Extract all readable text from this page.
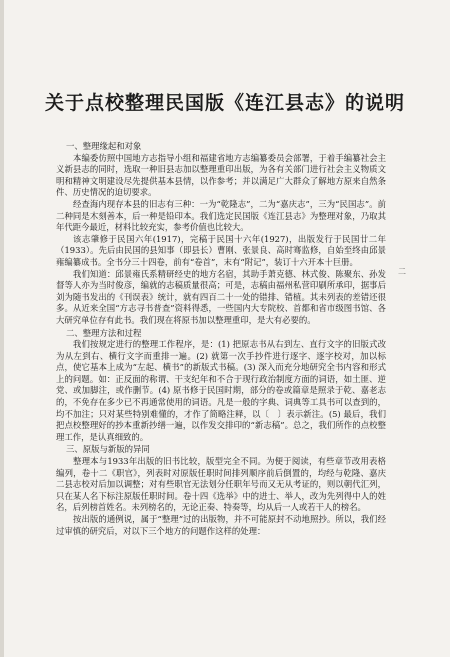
关于点校整理民国版《连江县志》的说明
二
一、整理缘起和对象
本编委仿照中国地方志指导小组和福建省地方志编纂委员会部署，于着手编纂社会主义新县志的同时，选取一种旧县志加以整理重印出版，为各有关部门进行社会主义物质文明和精神文明建设尽先提供基本县情，以作参考；并以满足广大群众了解地方原来自然条件、历史情况的迫切要求。
经查海内现存本县的旧志有三种：一为“乾隆志”，二为“嘉庆志”，三为“民国志”。前二种同是木刻善本，后一种是铅印本。我们选定民国版《连江县志》为整理对象，乃取其年代距今最近，材料比较充实，参考价值也比较大。
该志肇修于民国六年(1917)，完稿于民国十六年(1927)，出版发行于民国廿二年（1933）。先后由民国的县知事（即县长）曹刚、张景良、高时骞监修，自始至终由邱景雍编纂成书。全书分三十四卷，前有“卷首”，末有“附记”，装订十六开本十巨册。
我们知道：邱景雍氏系精研经史的地方名宿，其助手萧克德、林式俊、陈聚东、孙发督等人亦为当时俊彦，编就的志稿质量很高；可是，志稿由福州私营印刷所承印，据事后刘为随书发出的《刊误表》统计，就有四百二十一处的错排、错植。其未列表的差错还很多。从近来全国“方志寻书普查”资料得悉，一些国内大专院校、首都和省市级图书馆、各大研究单位存有此书。我们现在将原书加以整理重印，是大有必要的。
二、整理方法和过程
我们按规定进行的整理工作程序，是：(1) 把原志书从右到左、直行文字的旧版式改为从左到右、横行文字而重排一遍。(2) 就第一次手抄件进行逐字、逐字校对，加以标点，使它基本上成为“左起、横书”的新版式书稿。(3) 深入而充分地研究全书内容和形式上的问题。如：正反面的称谓、干支纪年和不合于现行政治制度方面的词语，如土匪、逆党、或加脚注，或作删节。(4) 原书修于民国时期，部分的卷或篇章是照录于乾、嘉老志的，不免存在多少已不再通常使用的词语。凡是一般的字典、词典等工具书可以查到的，均不加注；只对某些特别难懂的，才作了简略注释，以〔　〕表示新注。(5) 最后，我们把点校整理好的抄本重新抄缮一遍，以作发交排印的“新志稿”。总之，我们所作的点校整理工作，是认真细致的。
三、原版与新版的异同
整理本与1933年出版的旧书比较，版型完全不同。为便于阅读，有些章节改用表格编列，卷十二《职官》，列表时对原版任职时间排列顺序前后倒置的，均经与乾隆、嘉庆二县志校对后加以调整；对有些职官无法划分任职年号而又无从考证的，则以朝代汇列，只在某人名下标注原版任职时间。卷十四《选举》中的进士、举人，改为先列得中人的姓名，后列榜首姓名。未列榜名的，无论正奏、特奏等，均从后一人或若干人的榜名。
按出版的通例说，属于“整理”过的出版物，并不可能原封不动地照抄。所以，我们经过审慎的研究后，对以下三个地方的问题作这样的处理：
